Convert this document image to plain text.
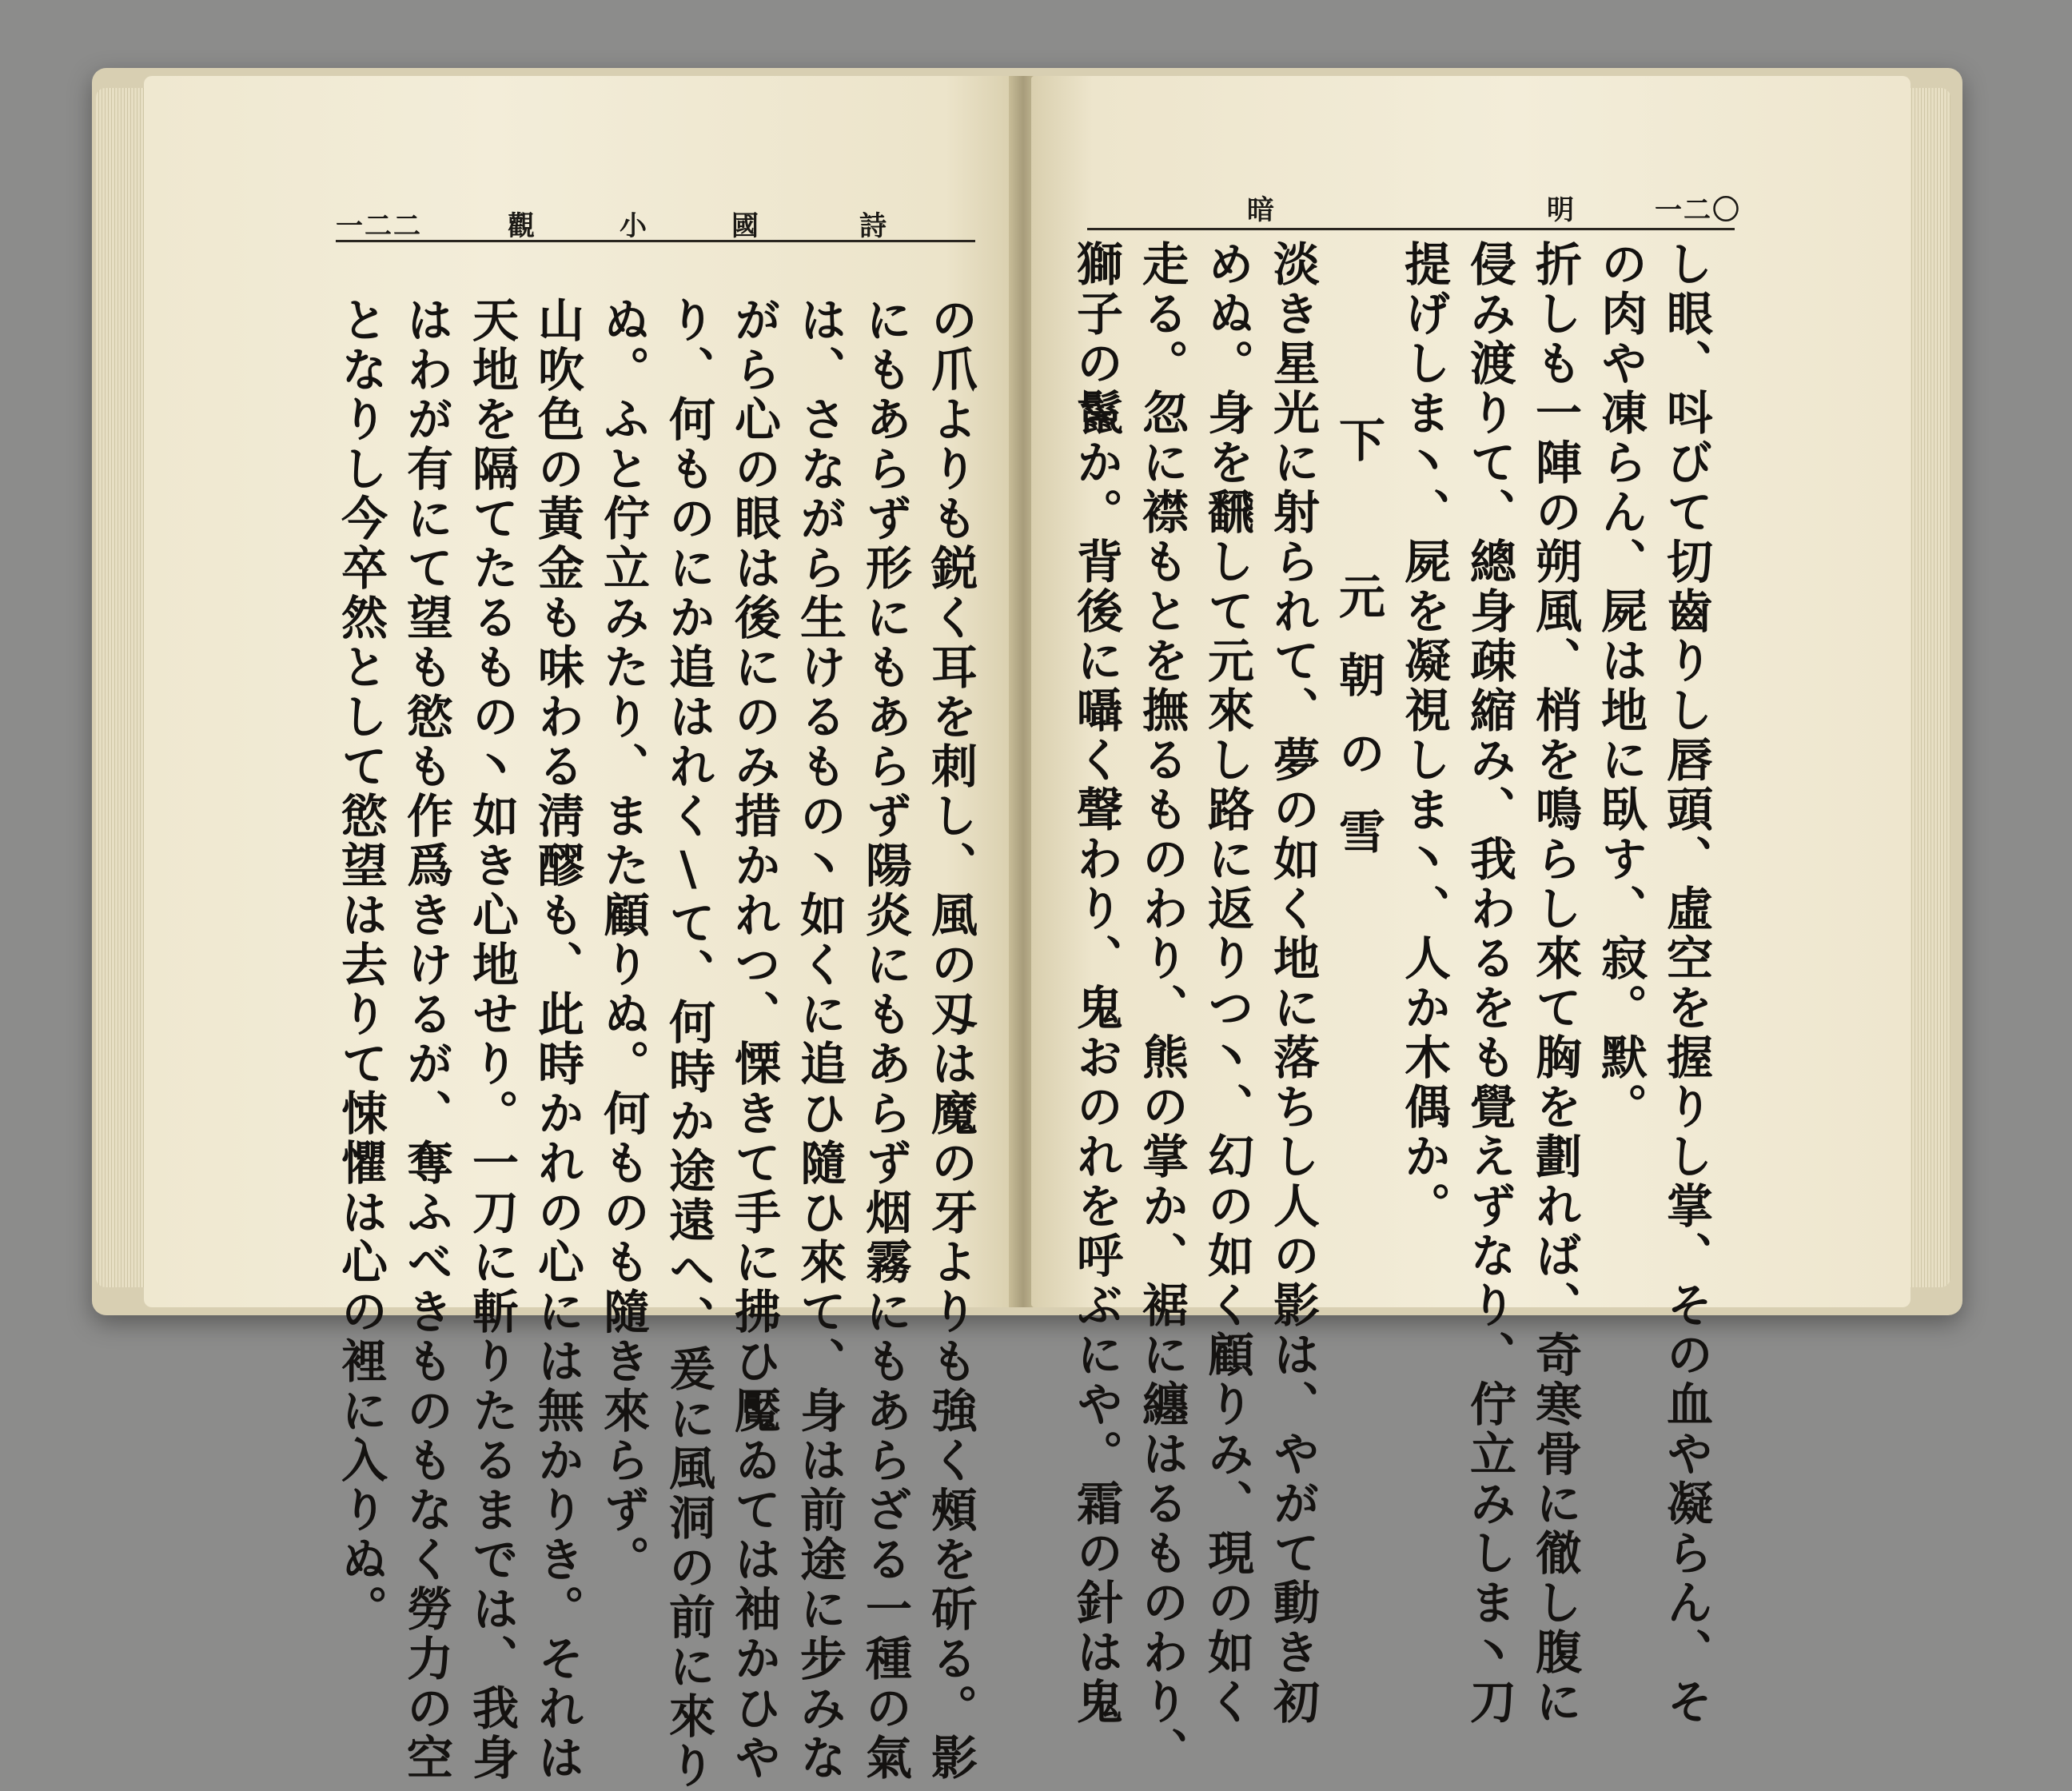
一二二	觀	小	國	詩
の爪よりも鋭く耳を刺し、風の刄は魔の牙よりも強く頰を斫る。影
にもあらず形にもあらず陽炎にもあらず烟霧にもあらざる一種の氣
は、さながら生けるもの丶如くに追ひ隨ひ來て、身は前途に步みな
がら心の眼は後にのみ措かれつ、慄きて手に拂ひ魘ゐては袖かひや
り、何ものにか追はれく\て、何時か途遠へ、爰に風洞の前に來り
ぬ。ふと佇立みたり、また顧りぬ。何ものも隨き來らず。
山吹色の黃金も味わる淸醪も、此時かれの心には無かりき。それは
天地を隔てたるもの丶如き心地せり。一刀に斬りたるまでは、我身
はわが有にて望も慾も作爲きけるが、奪ふべきものもなく勞力の空
となりし今卒然として慾望は去りて悚懼は心の裡に入りぬ。
暗	明	一二〇
し眼、呌びて切齒りし唇頭、虛空を握りし掌、その血や凝らん、そ
の肉や凍らん、屍は地に臥す、寂。默。
折しも一陣の朔風、梢を鳴らし來て胸を劃れば、奇寒骨に徹し腹に
侵み渡りて、總身疎縮み、我わるをも覺えずなり、佇立みしま丶刀
提げしま丶、屍を凝視しま丶、人か木偶か。
下　元朝の雪
淡き星光に射られて、夢の如く地に落ちし人の影は、やがて動き初
めぬ。身を飜して元來し路に返りつ丶、幻の如く顧りみ、現の如く
走る。忽に襟もとを撫るものわり、熊の掌か、裾に纏はるものわり、
獅子の鬣か。背後に囁く聲わり、鬼おのれを呼ぶにや。霜の針は鬼
